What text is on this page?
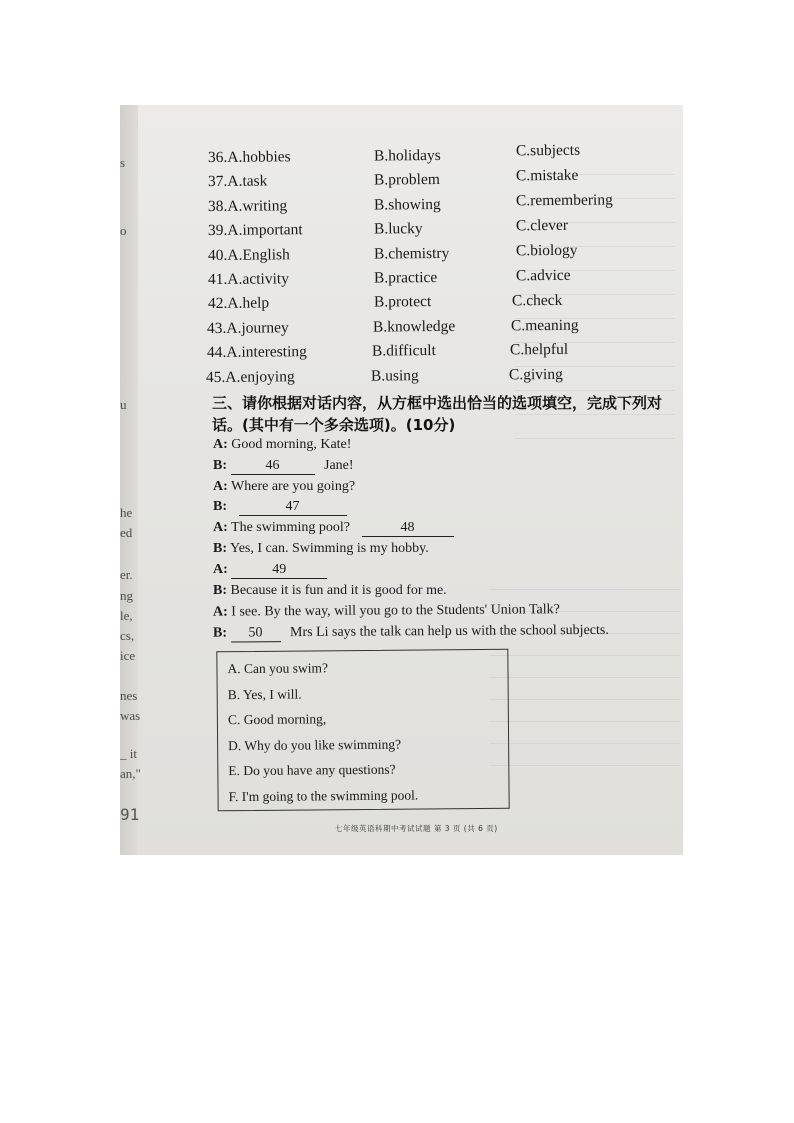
s
o
u
he
ed
er.
ng
le,
cs,
ice
nes
was
_ it
an,"
91
36.A.hobbies	B.holidays	C.subjects
37.A.task	B.problem	C.mistake
38.A.writing	B.showing	C.remembering
39.A.important	B.lucky	C.clever
40.A.English	B.chemistry	C.biology
41.A.activity	B.practice	C.advice
42.A.help	B.protect	C.check
43.A.journey	B.knowledge	C.meaning
44.A.interesting	B.difficult	C.helpful
45.A.enjoying	B.using	C.giving
三、请你根据对话内容，从方框中选出恰当的选项填空，完成下列对话。(其中有一个多余选项)。(10分)
A: Good morning, Kate!
B:	46	Jane!
A: Where are you going?
B:	47
A: The swimming pool?	48
B: Yes, I can. Swimming is my hobby.
A:	49
B: Because it is fun and it is good for me.
A: I see. By the way, will you go to the Students' Union Talk?
B: 50 Mrs Li says the talk can help us with the school subjects.
A. Can you swim?
B. Yes, I will.
C. Good morning,
D. Why do you like swimming?
E. Do you have any questions?
F. I'm going to the swimming pool.
七年级英语科期中考试试题 第 3 页 (共 6 页)
